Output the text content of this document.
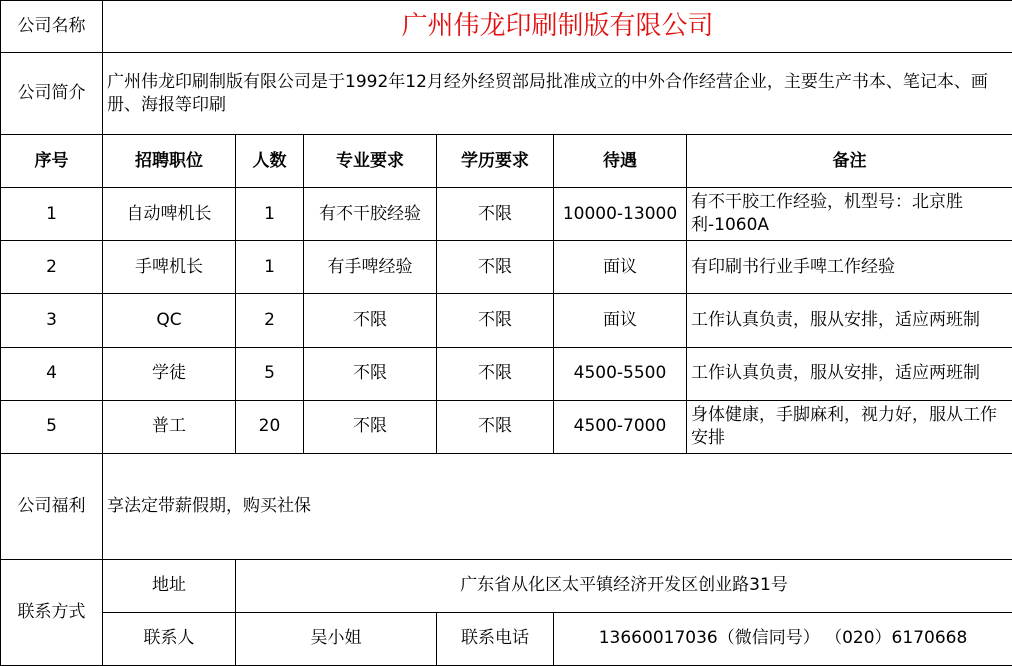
公司名称	广州伟龙印刷制版有限公司					
公司简介	广州伟龙印刷制版有限公司是于1992年12月经外经贸部局批准成立的中外合作经营企业，主要生产书本、笔记本、画册、海报等印刷					
序号	招聘职位	人数	专业要求	学历要求	待遇	备注
1	自动啤机长	1	有不干胶经验	不限	10000-13000	有不干胶工作经验，机型号：北京胜利-1060A
2	手啤机长	1	有手啤经验	不限	面议	有印刷书行业手啤工作经验
3	QC	2	不限	不限	面议	工作认真负责，服从安排，适应两班制
4	学徒	5	不限	不限	4500-5500	工作认真负责，服从安排，适应两班制
5	普工	20	不限	不限	4500-7000	身体健康，手脚麻利，视力好，服从工作安排
公司福利	享法定带薪假期，购买社保					
联系方式	地址	广东省从化区太平镇经济开发区创业路31号				
	联系人	吴小姐		联系电话	13660017036（微信同号） （020）6170668	
